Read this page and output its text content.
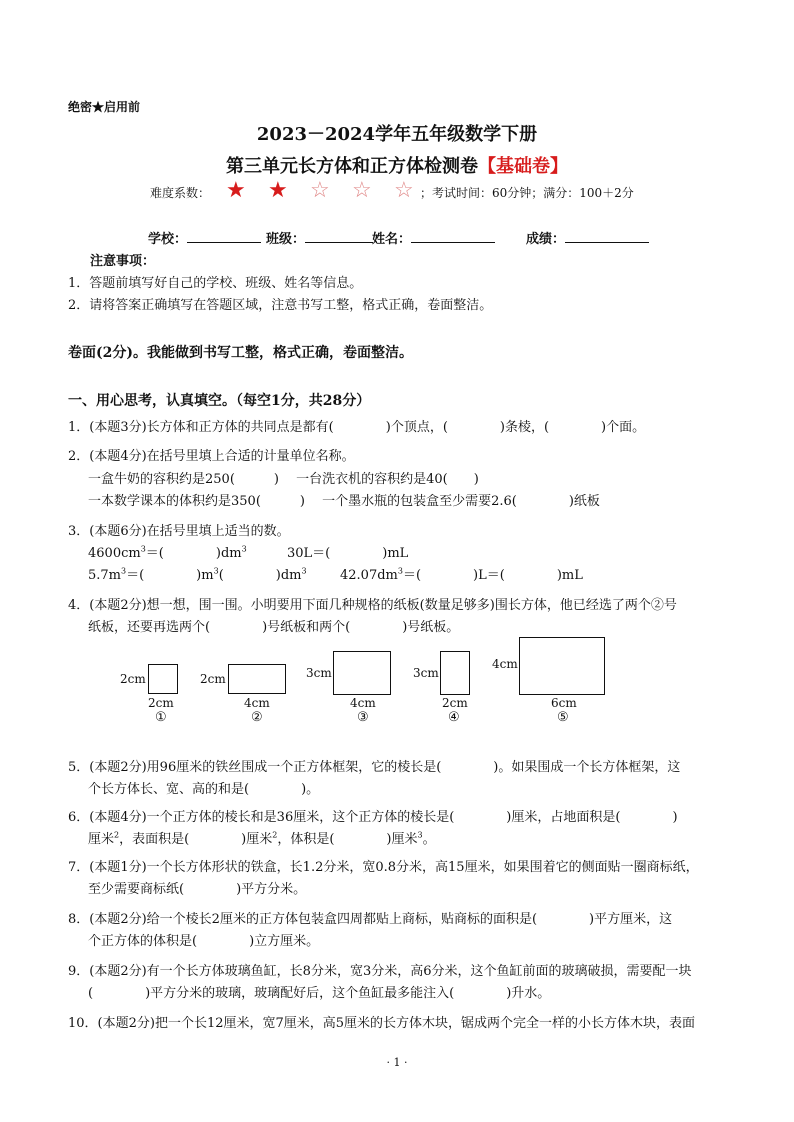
绝密★启用前
2023－2024学年五年级数学下册
第三单元长方体和正方体检测卷【基础卷】
难度系数： ★ ★ ☆ ☆ ☆ ；考试时间：60分钟；满分：100＋2分
学校：	班级：	姓名：	成绩：
注意事项：
1．答题前填写好自己的学校、班级、姓名等信息。
2．请将答案正确填写在答题区域，注意书写工整，格式正确，卷面整洁。
卷面(2分)。我能做到书写工整，格式正确，卷面整洁。
一、用心思考，认真填空。（每空1分，共28分）
1．(本题3分)长方体和正方体的共同点是都有(　　　　)个顶点，(　　　　)条棱，(　　　　)个面。
2．(本题4分)在括号里填上合适的计量单位名称。
一盒牛奶的容积约是250(　　　)　 一台洗衣机的容积约是40(　　)
一本数学课本的体积约是350(　　　)　 一个墨水瓶的包装盒至少需要2.6(　　　　)纸板
3．(本题6分)在括号里填上适当的数。
$4600cm^3=$(　　　　)$dm^3$	30L＝(　　　　)mL
$5.7m^3=$(　　　　)$m^3$(　　　　)$dm^3$	$42.07dm^3=$(　　　　)L＝(　　　　)mL
4．(本题2分)想一想，围一围。小明要用下面几种规格的纸板(数量足够多)围长方体，他已经选了两个②号
纸板，还要再选两个(　　　　)号纸板和两个(　　　　)号纸板。
2cm
2cm
①
2cm
4cm
②
3cm
4cm
③
3cm
2cm
④
4cm
6cm
⑤
5．(本题2分)用96厘米的铁丝围成一个正方体框架，它的棱长是(　　　　)。如果围成一个长方体框架，这
个长方体长、宽、高的和是(　　　　)。
6．(本题4分)一个正方体的棱长和是36厘米，这个正方体的棱长是(　　　　)厘米，占地面积是(　　　　)
厘米$^2$，表面积是(　　　　)厘米$^2$，体积是(　　　　)厘米$^3$。
7．(本题1分)一个长方体形状的铁盒，长1.2分米，宽0.8分米，高15厘米，如果围着它的侧面贴一圈商标纸，
至少需要商标纸(　　　　)平方分米。
8．(本题2分)给一个棱长2厘米的正方体包装盒四周都贴上商标，贴商标的面积是(　　　　)平方厘米，这
个正方体的体积是(　　　　)立方厘米。
9．(本题2分)有一个长方体玻璃鱼缸，长8分米，宽3分米，高6分米，这个鱼缸前面的玻璃破损，需要配一块
(　　　　)平方分米的玻璃，玻璃配好后，这个鱼缸最多能注入(　　　　)升水。
10．(本题2分)把一个长12厘米，宽7厘米，高5厘米的长方体木块，锯成两个完全一样的小长方体木块，表面
· 1 ·
